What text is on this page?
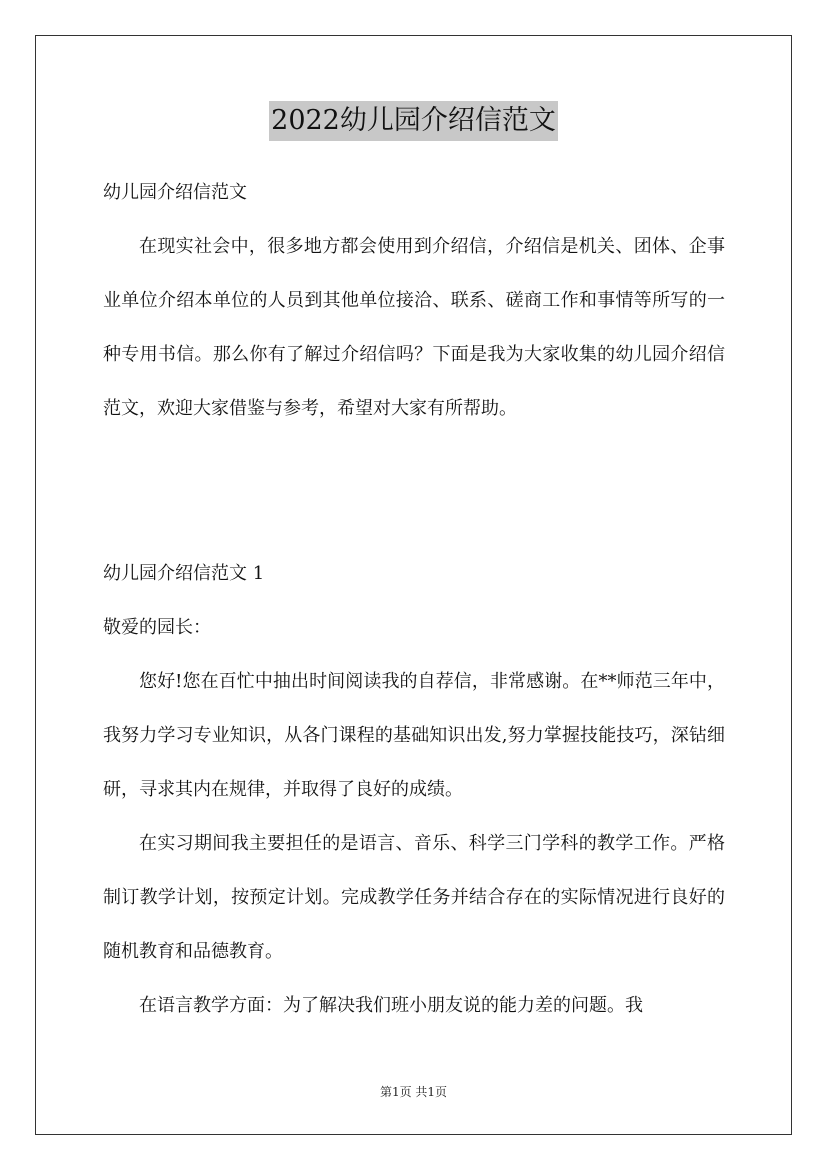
2022幼儿园介绍信范文

幼儿园介绍信范文

在现实社会中，很多地方都会使用到介绍信，介绍信是机关、团体、企事业单位介绍本单位的人员到其他单位接洽、联系、磋商工作和事情等所写的一种专用书信。那么你有了解过介绍信吗？下面是我为大家收集的幼儿园介绍信范文，欢迎大家借鉴与参考，希望对大家有所帮助。

幼儿园介绍信范文 1

敬爱的园长：

您好!您在百忙中抽出时间阅读我的自荐信，非常感谢。在**师范三年中，我努力学习专业知识，从各门课程的基础知识出发,努力掌握技能技巧，深钻细研，寻求其内在规律，并取得了良好的成绩。

在实习期间我主要担任的是语言、音乐、科学三门学科的教学工作。严格制订教学计划，按预定计划。完成教学任务并结合存在的实际情况进行良好的随机教育和品德教育。

在语言教学方面：为了解决我们班小朋友说的能力差的问题。我

第1页 共1页
